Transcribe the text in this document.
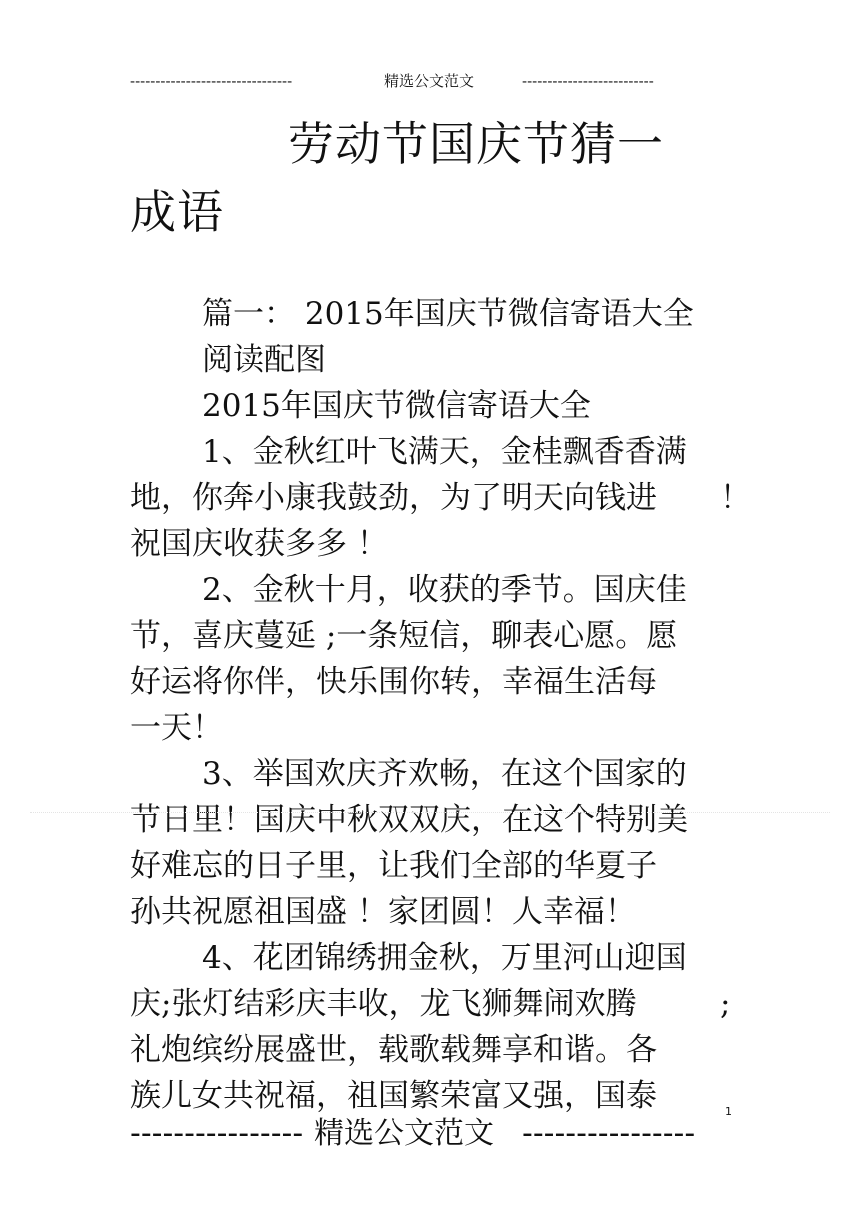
--------------------------------	精选公文范文	--------------------------
劳动节国庆节猜一
成语
篇一： 2015年国庆节微信寄语大全
阅读配图
2015年国庆节微信寄语大全
1、金秋红叶飞满天，金桂飘香香满
地，你奔小康我鼓劲，为了明天向钱进 ！
祝国庆收获多多 ！
2、金秋十月，收获的季节。国庆佳
节，喜庆蔓延 ;一条短信，聊表心愿。愿
好运将你伴，快乐围你转，幸福生活每
一天！
3、举国欢庆齐欢畅，在这个国家的
节日里！国庆中秋双双庆，在这个特别美
好难忘的日子里，让我们全部的华夏子
孙共祝愿祖国盛 ！家团圆！人幸福！
4、花团锦绣拥金秋，万里河山迎国
庆;张灯结彩庆丰收，龙飞狮舞闹欢腾	;
礼炮缤纷展盛世，载歌载舞享和谐。各
族儿女共祝福，祖国繁荣富又强，国泰	1
---------------- 精选公文范文 ----------------
